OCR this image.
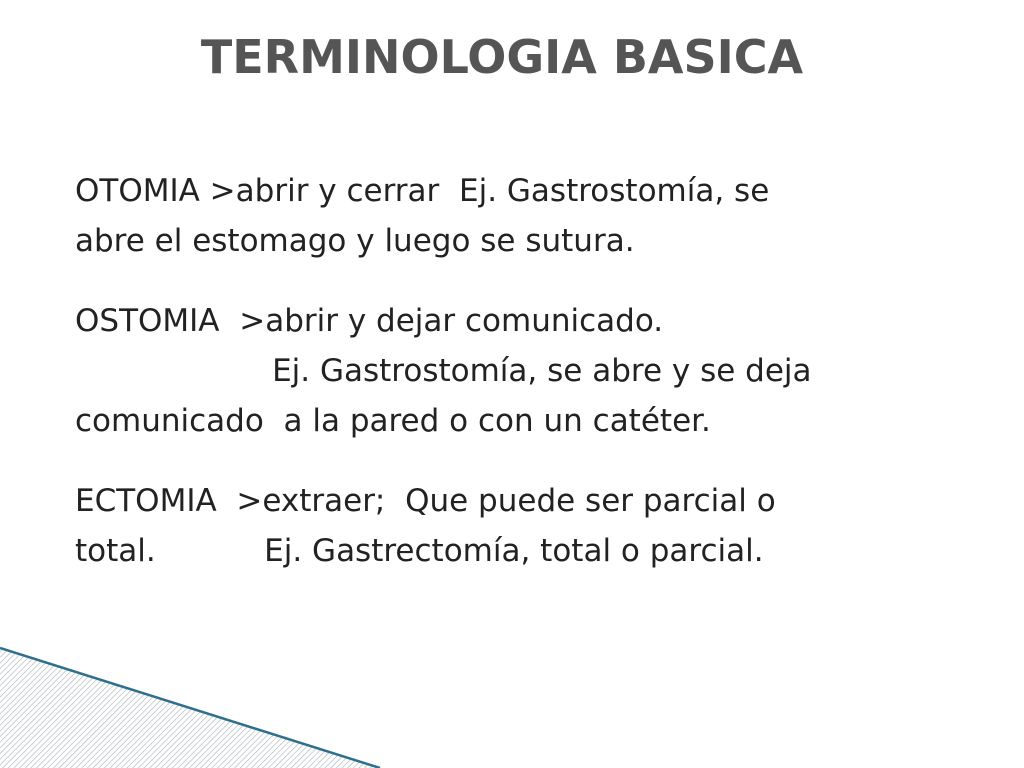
TERMINOLOGIA BASICA

OTOMIA >abrir y cerrar  Ej. Gastrostomía, se
abre el estomago y luego se sutura.

OSTOMIA  >abrir y dejar comunicado.
Ej. Gastrostomía, se abre y se deja
comunicado  a la pared o con un catéter.

ECTOMIA  >extraer;  Que puede ser parcial o
total.           Ej. Gastrectomía, total o parcial.
